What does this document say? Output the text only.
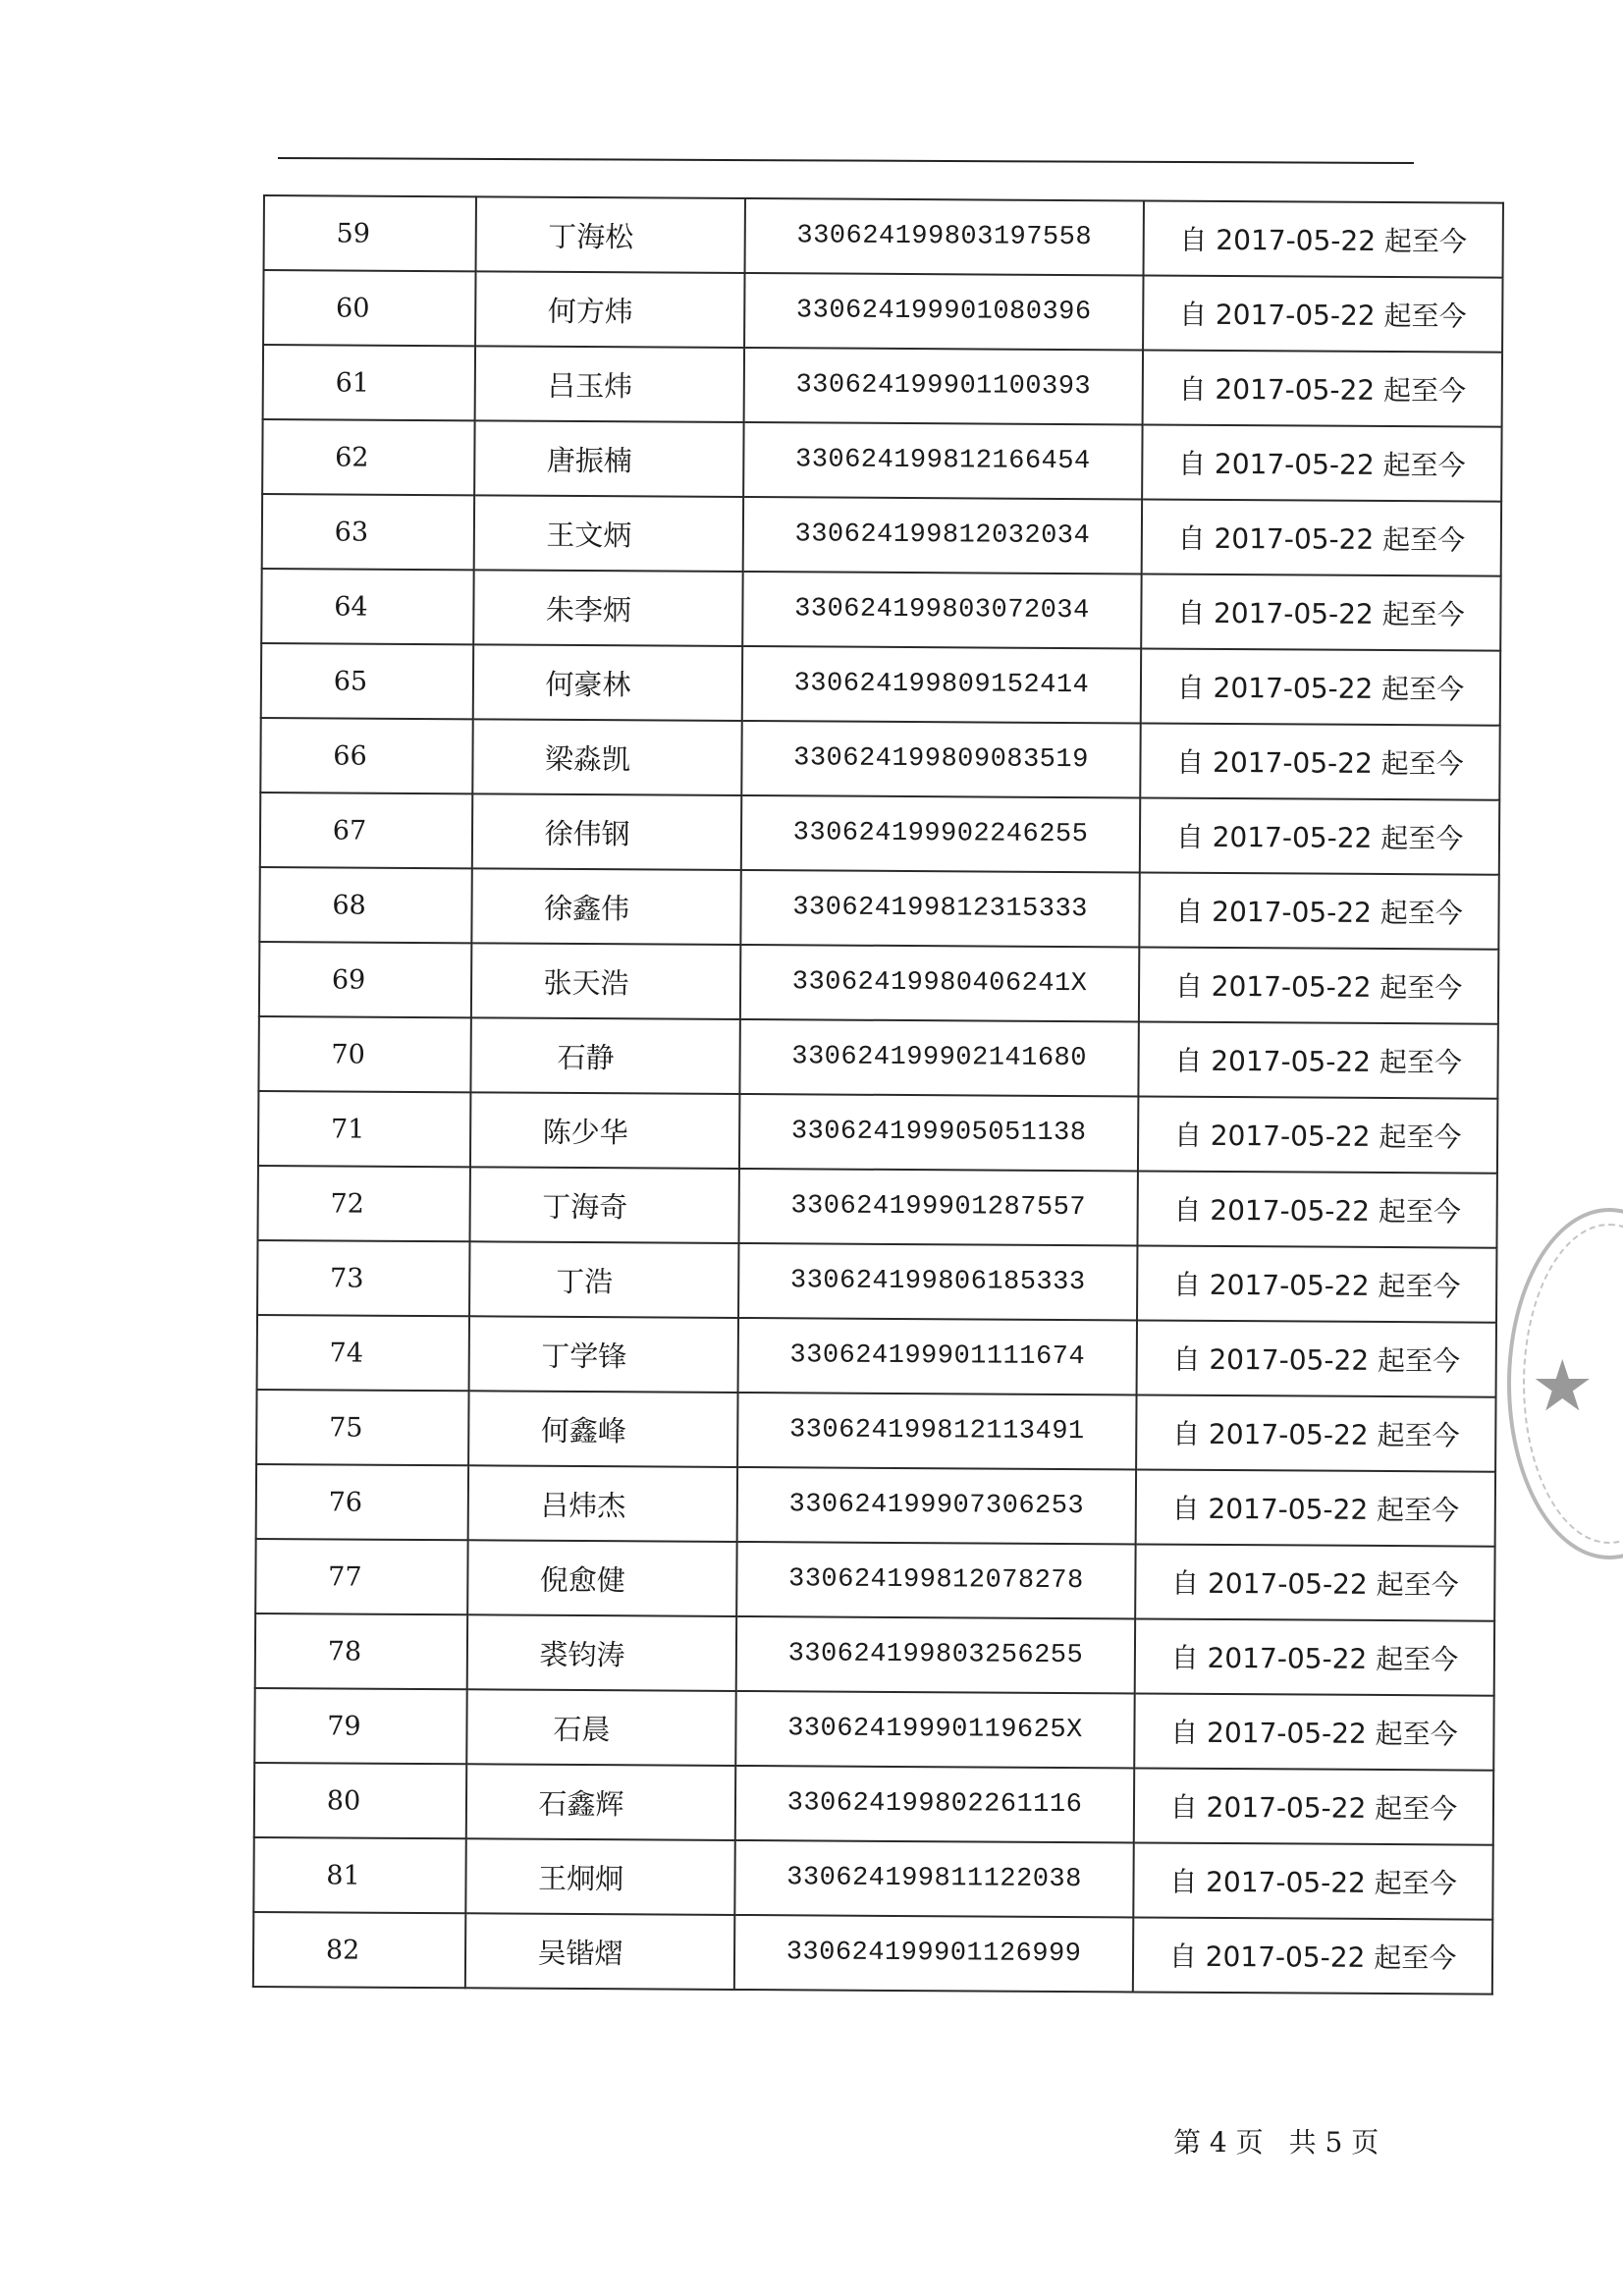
59	丁海松	330624199803197558	自 2017-05-22 起至今
60	何方炜	330624199901080396	自 2017-05-22 起至今
61	吕玉炜	330624199901100393	自 2017-05-22 起至今
62	唐振楠	330624199812166454	自 2017-05-22 起至今
63	王文炳	330624199812032034	自 2017-05-22 起至今
64	朱李炳	330624199803072034	自 2017-05-22 起至今
65	何豪林	330624199809152414	自 2017-05-22 起至今
66	梁淼凯	330624199809083519	自 2017-05-22 起至今
67	徐伟钢	330624199902246255	自 2017-05-22 起至今
68	徐鑫伟	330624199812315333	自 2017-05-22 起至今
69	张天浩	33062419980406241X	自 2017-05-22 起至今
70	石静	330624199902141680	自 2017-05-22 起至今
71	陈少华	330624199905051138	自 2017-05-22 起至今
72	丁海奇	330624199901287557	自 2017-05-22 起至今
73	丁浩	330624199806185333	自 2017-05-22 起至今
74	丁学锋	330624199901111674	自 2017-05-22 起至今
75	何鑫峰	330624199812113491	自 2017-05-22 起至今
76	吕炜杰	330624199907306253	自 2017-05-22 起至今
77	倪愈健	330624199812078278	自 2017-05-22 起至今
78	裘钧涛	330624199803256255	自 2017-05-22 起至今
79	石晨	33062419990119625X	自 2017-05-22 起至今
80	石鑫辉	330624199802261116	自 2017-05-22 起至今
81	王炯炯	330624199811122038	自 2017-05-22 起至今
82	吴锴熠	330624199901126999	自 2017-05-22 起至今
★
第 4 页 共 5 页
